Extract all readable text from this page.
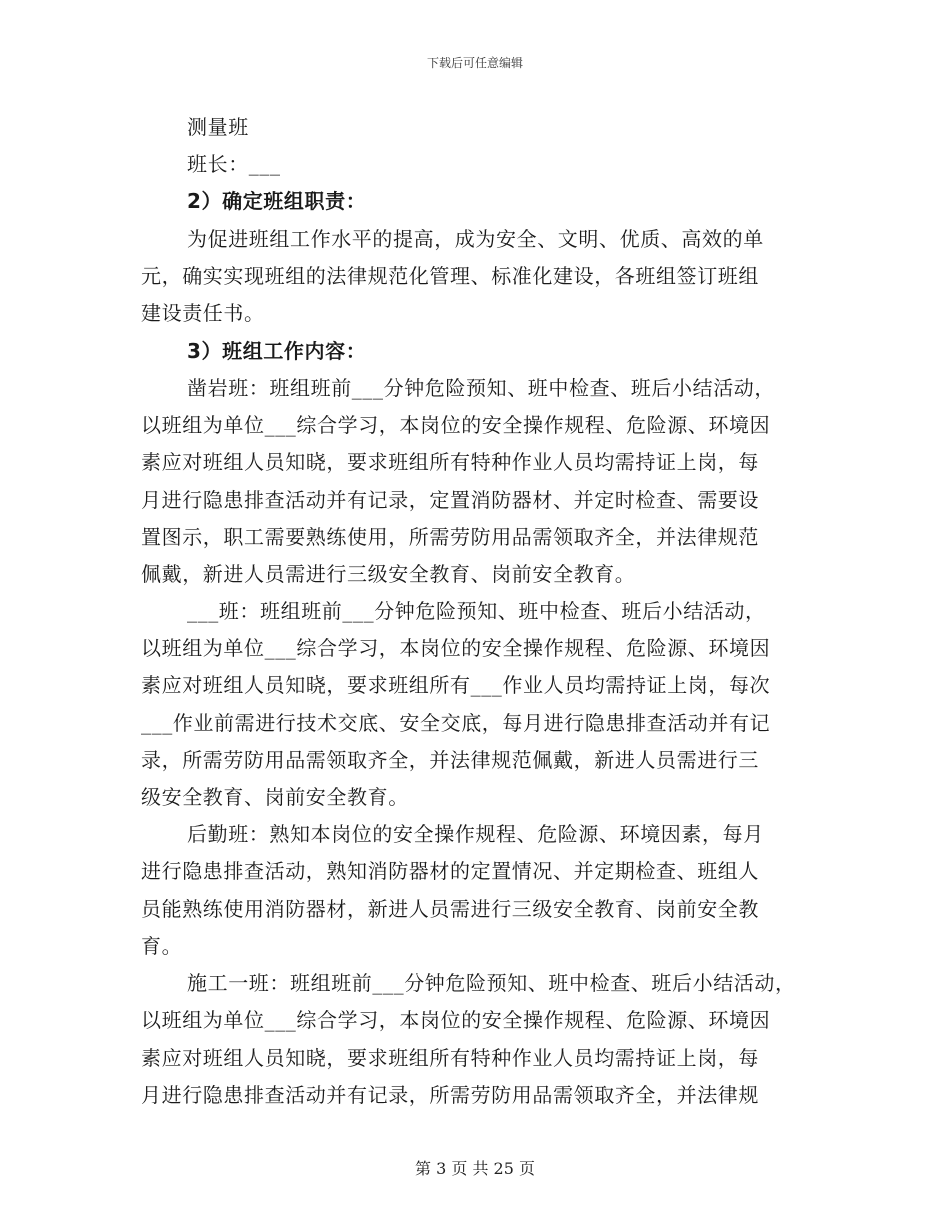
下载后可任意编辑
测量班
班长：___
2）确定班组职责：
为促进班组工作水平的提高，成为安全、文明、优质、高效的单
元，确实实现班组的法律规范化管理、标准化建设，各班组签订班组
建设责任书。
3）班组工作内容：
凿岩班：班组班前___分钟危险预知、班中检查、班后小结活动，
以班组为单位___综合学习，本岗位的安全操作规程、危险源、环境因
素应对班组人员知晓，要求班组所有特种作业人员均需持证上岗，每
月进行隐患排查活动并有记录，定置消防器材、并定时检查、需要设
置图示，职工需要熟练使用，所需劳防用品需领取齐全，并法律规范
佩戴，新进人员需进行三级安全教育、岗前安全教育。
___班：班组班前___分钟危险预知、班中检查、班后小结活动，
以班组为单位___综合学习，本岗位的安全操作规程、危险源、环境因
素应对班组人员知晓，要求班组所有___作业人员均需持证上岗，每次
___作业前需进行技术交底、安全交底，每月进行隐患排查活动并有记
录，所需劳防用品需领取齐全，并法律规范佩戴，新进人员需进行三
级安全教育、岗前安全教育。
后勤班：熟知本岗位的安全操作规程、危险源、环境因素，每月
进行隐患排查活动，熟知消防器材的定置情况、并定期检查、班组人
员能熟练使用消防器材，新进人员需进行三级安全教育、岗前安全教
育。
施工一班：班组班前___分钟危险预知、班中检查、班后小结活动，
以班组为单位___综合学习，本岗位的安全操作规程、危险源、环境因
素应对班组人员知晓，要求班组所有特种作业人员均需持证上岗，每
月进行隐患排查活动并有记录，所需劳防用品需领取齐全，并法律规
第 3 页 共 25 页
